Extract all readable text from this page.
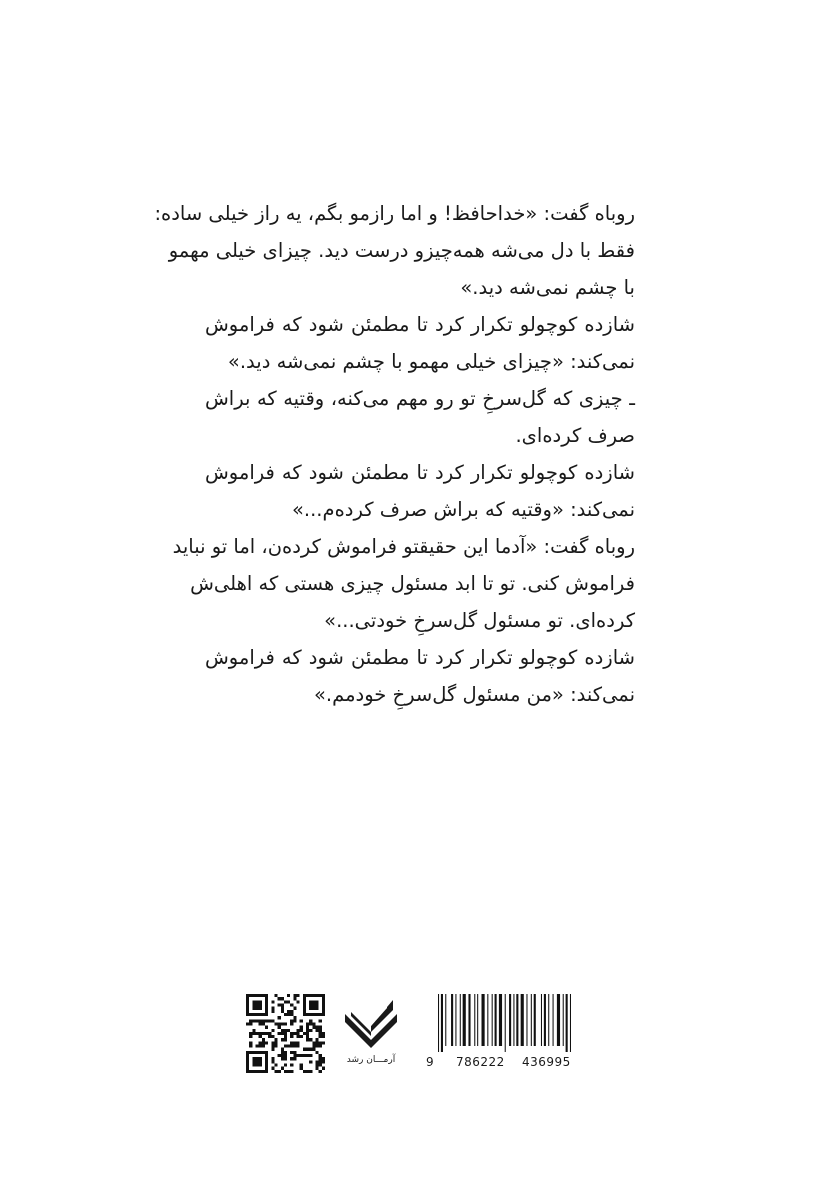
روباه گفت: «خداحافظ! و اما رازمو بگم، یه راز خیلی ساده:
فقط با دل می‌شه همه‌چیزو درست دید. چیزای خیلی مهمو
با چشم نمی‌شه دید.»
شازده کوچولو تکرار کرد تا مطمئن شود که فراموش
نمی‌کند: «چیزای خیلی مهمو با چشم نمی‌شه دید.»
ـ چیزی که گل‌سرخِ تو رو مهم می‌کنه، وقتیه که براش
صرف کرده‌ای.
شازده کوچولو تکرار کرد تا مطمئن شود که فراموش
نمی‌کند: «وقتیه که براش صرف کرده‌م...»
روباه گفت: «آدما این حقیقتو فراموش کرده‌ن، اما تو نباید
فراموش کنی. تو تا ابد مسئول چیزی هستی که اهلی‌ش
کرده‌ای. تو مسئول گل‌سرخِ خودتی...»
شازده کوچولو تکرار کرد تا مطمئن شود که فراموش
نمی‌کند: «من مسئول گل‌سرخِ خودمم.»
آرمـــان رشد	9 786222 436995
